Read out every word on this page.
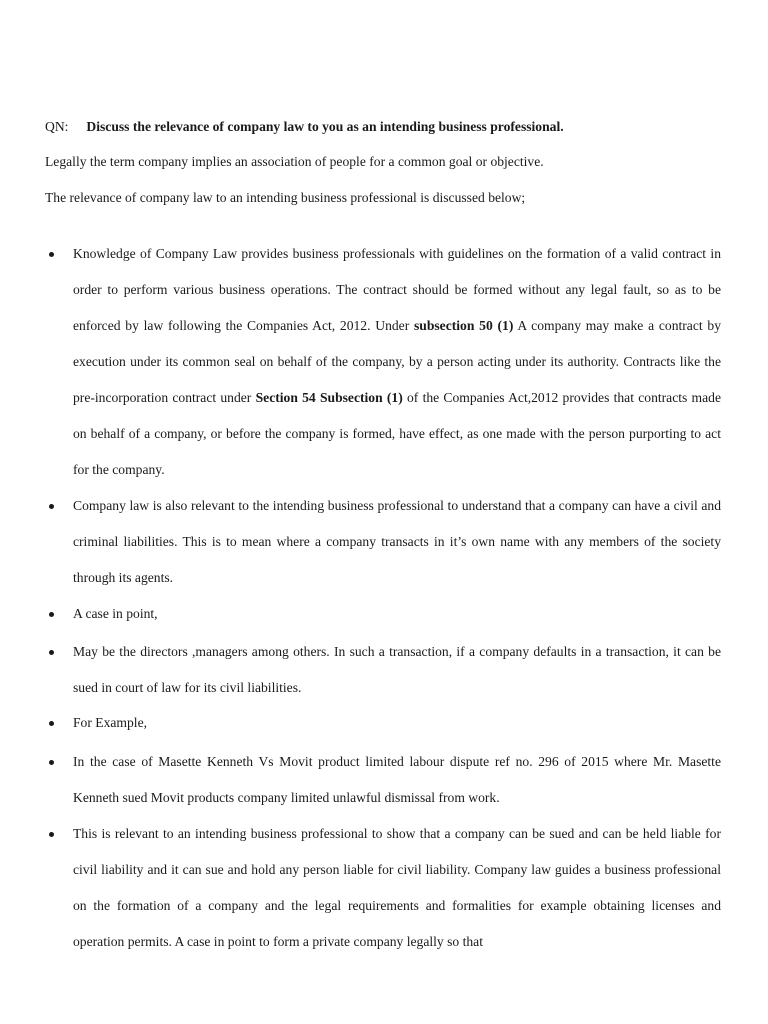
QN: Discuss the relevance of company law to you as an intending business professional.
Legally the term company implies an association of people for a common goal or objective.
The relevance of company law to an intending business professional is discussed below;
Knowledge of Company Law provides business professionals with guidelines on the formation of a valid contract in order to perform various business operations. The contract should be formed without any legal fault, so as to be enforced by law following the Companies Act, 2012. Under subsection 50 (1) A company may make a contract by execution under its common seal on behalf of the company, by a person acting under its authority. Contracts like the pre-incorporation contract under Section 54 Subsection (1) of the Companies Act,2012 provides that contracts made on behalf of a company, or before the company is formed, have effect, as one made with the person purporting to act for the company.
Company law is also relevant to the intending business professional to understand that a company can have a civil and criminal liabilities. This is to mean where a company transacts in it’s own name with any members of the society through its agents.
A case in point,
May be the directors ,managers among others. In such a transaction, if a company defaults in a transaction, it can be sued in court of law for its civil liabilities.
For Example,
In the case of Masette Kenneth Vs Movit product limited labour dispute ref no. 296 of 2015 where Mr. Masette Kenneth sued Movit products company limited unlawful dismissal from work.
This is relevant to an intending business professional to show that a company can be sued and can be held liable for civil liability and it can sue and hold any person liable for civil liability. Company law guides a business professional on the formation of a company and the legal requirements and formalities for example obtaining licenses and operation permits. A case in point to form a private company legally so that
